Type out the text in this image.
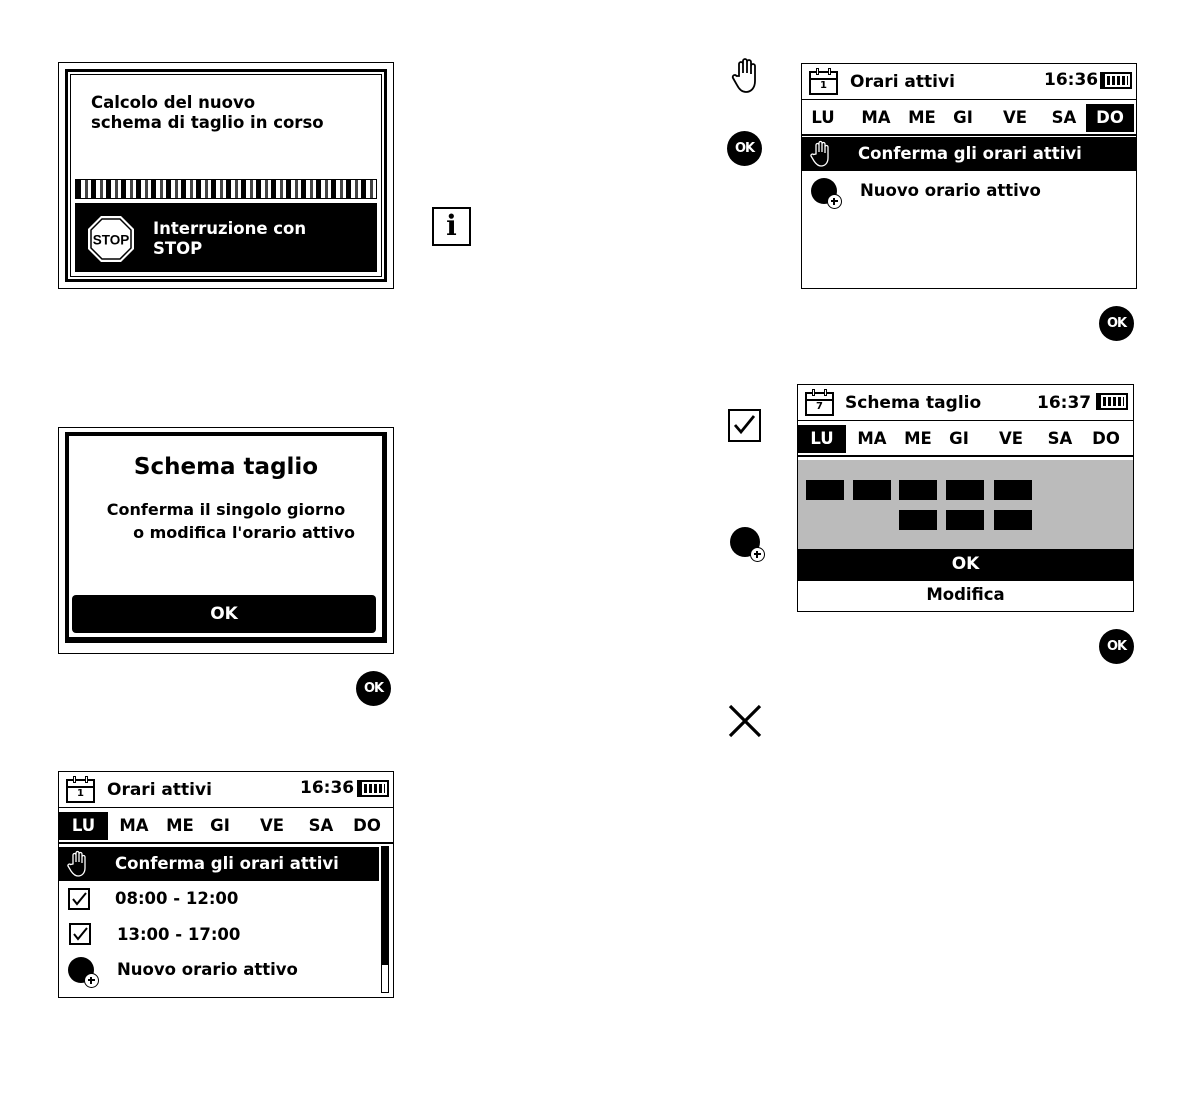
Calcolo del nuovo
schema di taglio in corso
STOP
Interruzione con
STOP
i
Schema taglio
Conferma il singolo giorno
o modifica l'orario attivo
OK
OK
1	Orari attivi	16:36
LU	MA	ME GI	VE	SA	DO
Conferma gli orari attivi
08:00 - 12:00
13:00 - 17:00
Nuovo orario attivo
OK
1	Orari attivi	16:36
LU MA ME GI	VE	SA	DO
Conferma gli orari attivi
Nuovo orario attivo
OK
7	Schema taglio	16:37
LU	MA ME GI	VE	SA	DO
OK
Modifica
OK
